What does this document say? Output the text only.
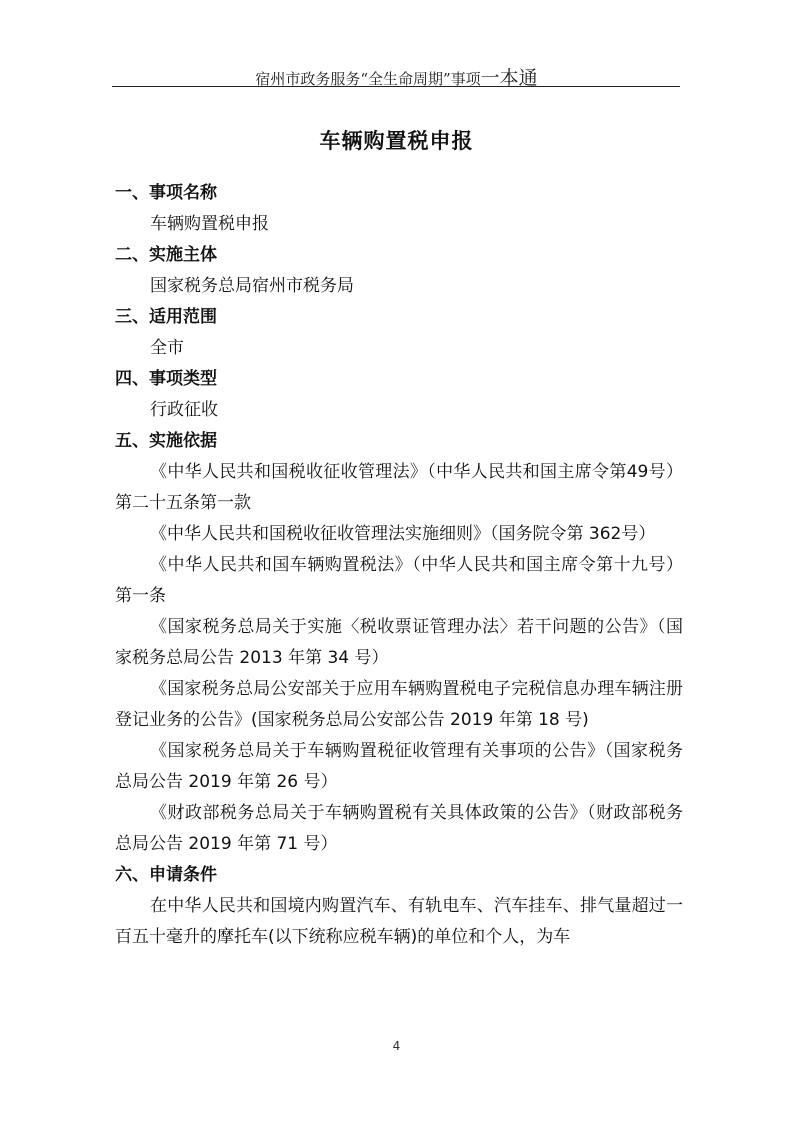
宿州市政务服务“全生命周期”事项一本通
车辆购置税申报

一、事项名称

车辆购置税申报

二、实施主体

国家税务总局宿州市税务局

三、适用范围

全市

四、事项类型

行政征收

五、实施依据

《中华人民共和国税收征收管理法》（中华人民共和国主席令第49号）第二十五条第一款

《中华人民共和国税收征收管理法实施细则》（国务院令第 362号）

《中华人民共和国车辆购置税法》（中华人民共和国主席令第十九号）第一条

《国家税务总局关于实施〈税收票证管理办法〉若干问题的公告》（国家税务总局公告 2013 年第 34 号）

《国家税务总局公安部关于应用车辆购置税电子完税信息办理车辆注册登记业务的公告》(国家税务总局公安部公告 2019 年第 18 号)

《国家税务总局关于车辆购置税征收管理有关事项的公告》（国家税务总局公告 2019 年第 26 号）

《财政部税务总局关于车辆购置税有关具体政策的公告》（财政部税务总局公告 2019 年第 71 号）

六、申请条件

在中华人民共和国境内购置汽车、有轨电车、汽车挂车、排气量超过一百五十毫升的摩托车(以下统称应税车辆)的单位和个人，为车

4
